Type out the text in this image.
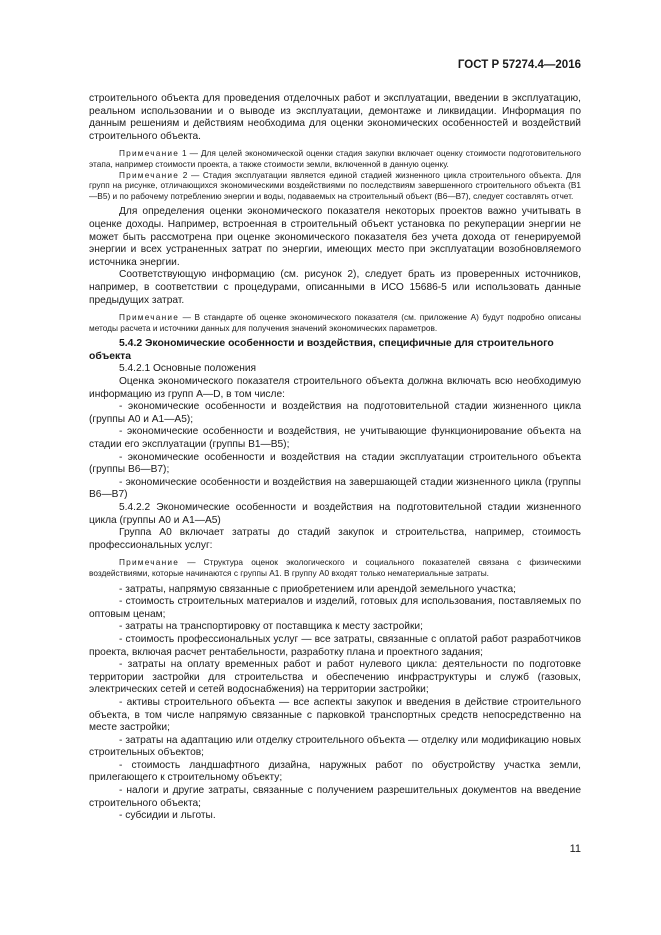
ГОСТ Р 57274.4—2016

строительного объекта для проведения отделочных работ и эксплуатации, введении в эксплуатацию, реальном использовании и о выводе из эксплуатации, демонтаже и ликвидации. Информация по данным решениям и действиям необходима для оценки экономических особенностей и воздействий строительного объекта.

Примечание 1 — Для целей экономической оценки стадия закупки включает оценку стоимости подготовительного этапа, например стоимости проекта, а также стоимости земли, включенной в данную оценку.

Примечание 2 — Стадия эксплуатации является единой стадией жизненного цикла строительного объекта. Для групп на рисунке, отличающихся экономическими воздействиями по последствиям завершенного строительного объекта (В1—В5) и по рабочему потреблению энергии и воды, подаваемых на строительный объект (В6—В7), следует составлять отчет.

Для определения оценки экономического показателя некоторых проектов важно учитывать в оценке доходы. Например, встроенная в строительный объект установка по рекуперации энергии не может быть рассмотрена при оценке экономического показателя без учета дохода от генерируемой энергии и всех устраненных затрат по энергии, имеющих место при эксплуатации возобновляемого источника энергии.

Соответствующую информацию (см. рисунок 2), следует брать из проверенных источников, например, в соответствии с процедурами, описанными в ИСО 15686-5 или использовать данные предыдущих затрат.

Примечание — В стандарте об оценке экономического показателя (см. приложение А) будут подробно описаны методы расчета и источники данных для получения значений экономических параметров.

5.4.2 Экономические особенности и воздействия, специфичные для строительного объекта

5.4.2.1 Основные положения

Оценка экономического показателя строительного объекта должна включать всю необходимую информацию из групп А—D, в том числе:

- экономические особенности и воздействия на подготовительной стадии жизненного цикла (группы А0 и А1—А5);

- экономические особенности и воздействия, не учитывающие функционирование объекта на стадии его эксплуатации (группы В1—В5);

- экономические особенности и воздействия на стадии эксплуатации строительного объекта (группы В6—В7);

- экономические особенности и воздействия на завершающей стадии жизненного цикла (группы В6—В7)

5.4.2.2 Экономические особенности и воздействия на подготовительной стадии жизненного цикла (группы А0 и А1—А5)

Группа А0 включает затраты до стадий закупок и строительства, например, стоимость профессиональных услуг:

Примечание — Структура оценок экологического и социального показателей связана с физическими воздействиями, которые начинаются с группы А1. В группу А0 входят только нематериальные затраты.

- затраты, напрямую связанные с приобретением или арендой земельного участка;

- стоимость строительных материалов и изделий, готовых для использования, поставляемых по оптовым ценам;

- затраты на транспортировку от поставщика к месту застройки;

- стоимость профессиональных услуг — все затраты, связанные с оплатой работ разработчиков проекта, включая расчет рентабельности, разработку плана и проектного задания;

- затраты на оплату временных работ и работ нулевого цикла: деятельности по подготовке территории застройки для строительства и обеспечению инфраструктуры и служб (газовых, электрических сетей и сетей водоснабжения) на территории застройки;

- активы строительного объекта — все аспекты закупок и введения в действие строительного объекта, в том числе напрямую связанные с парковкой транспортных средств непосредственно на месте застройки;

- затраты на адаптацию или отделку строительного объекта — отделку или модификацию новых строительных объектов;

- стоимость ландшафтного дизайна, наружных работ по обустройству участка земли, прилегающего к строительному объекту;

- налоги и другие затраты, связанные с получением разрешительных документов на введение строительного объекта;

- субсидии и льготы.

11
